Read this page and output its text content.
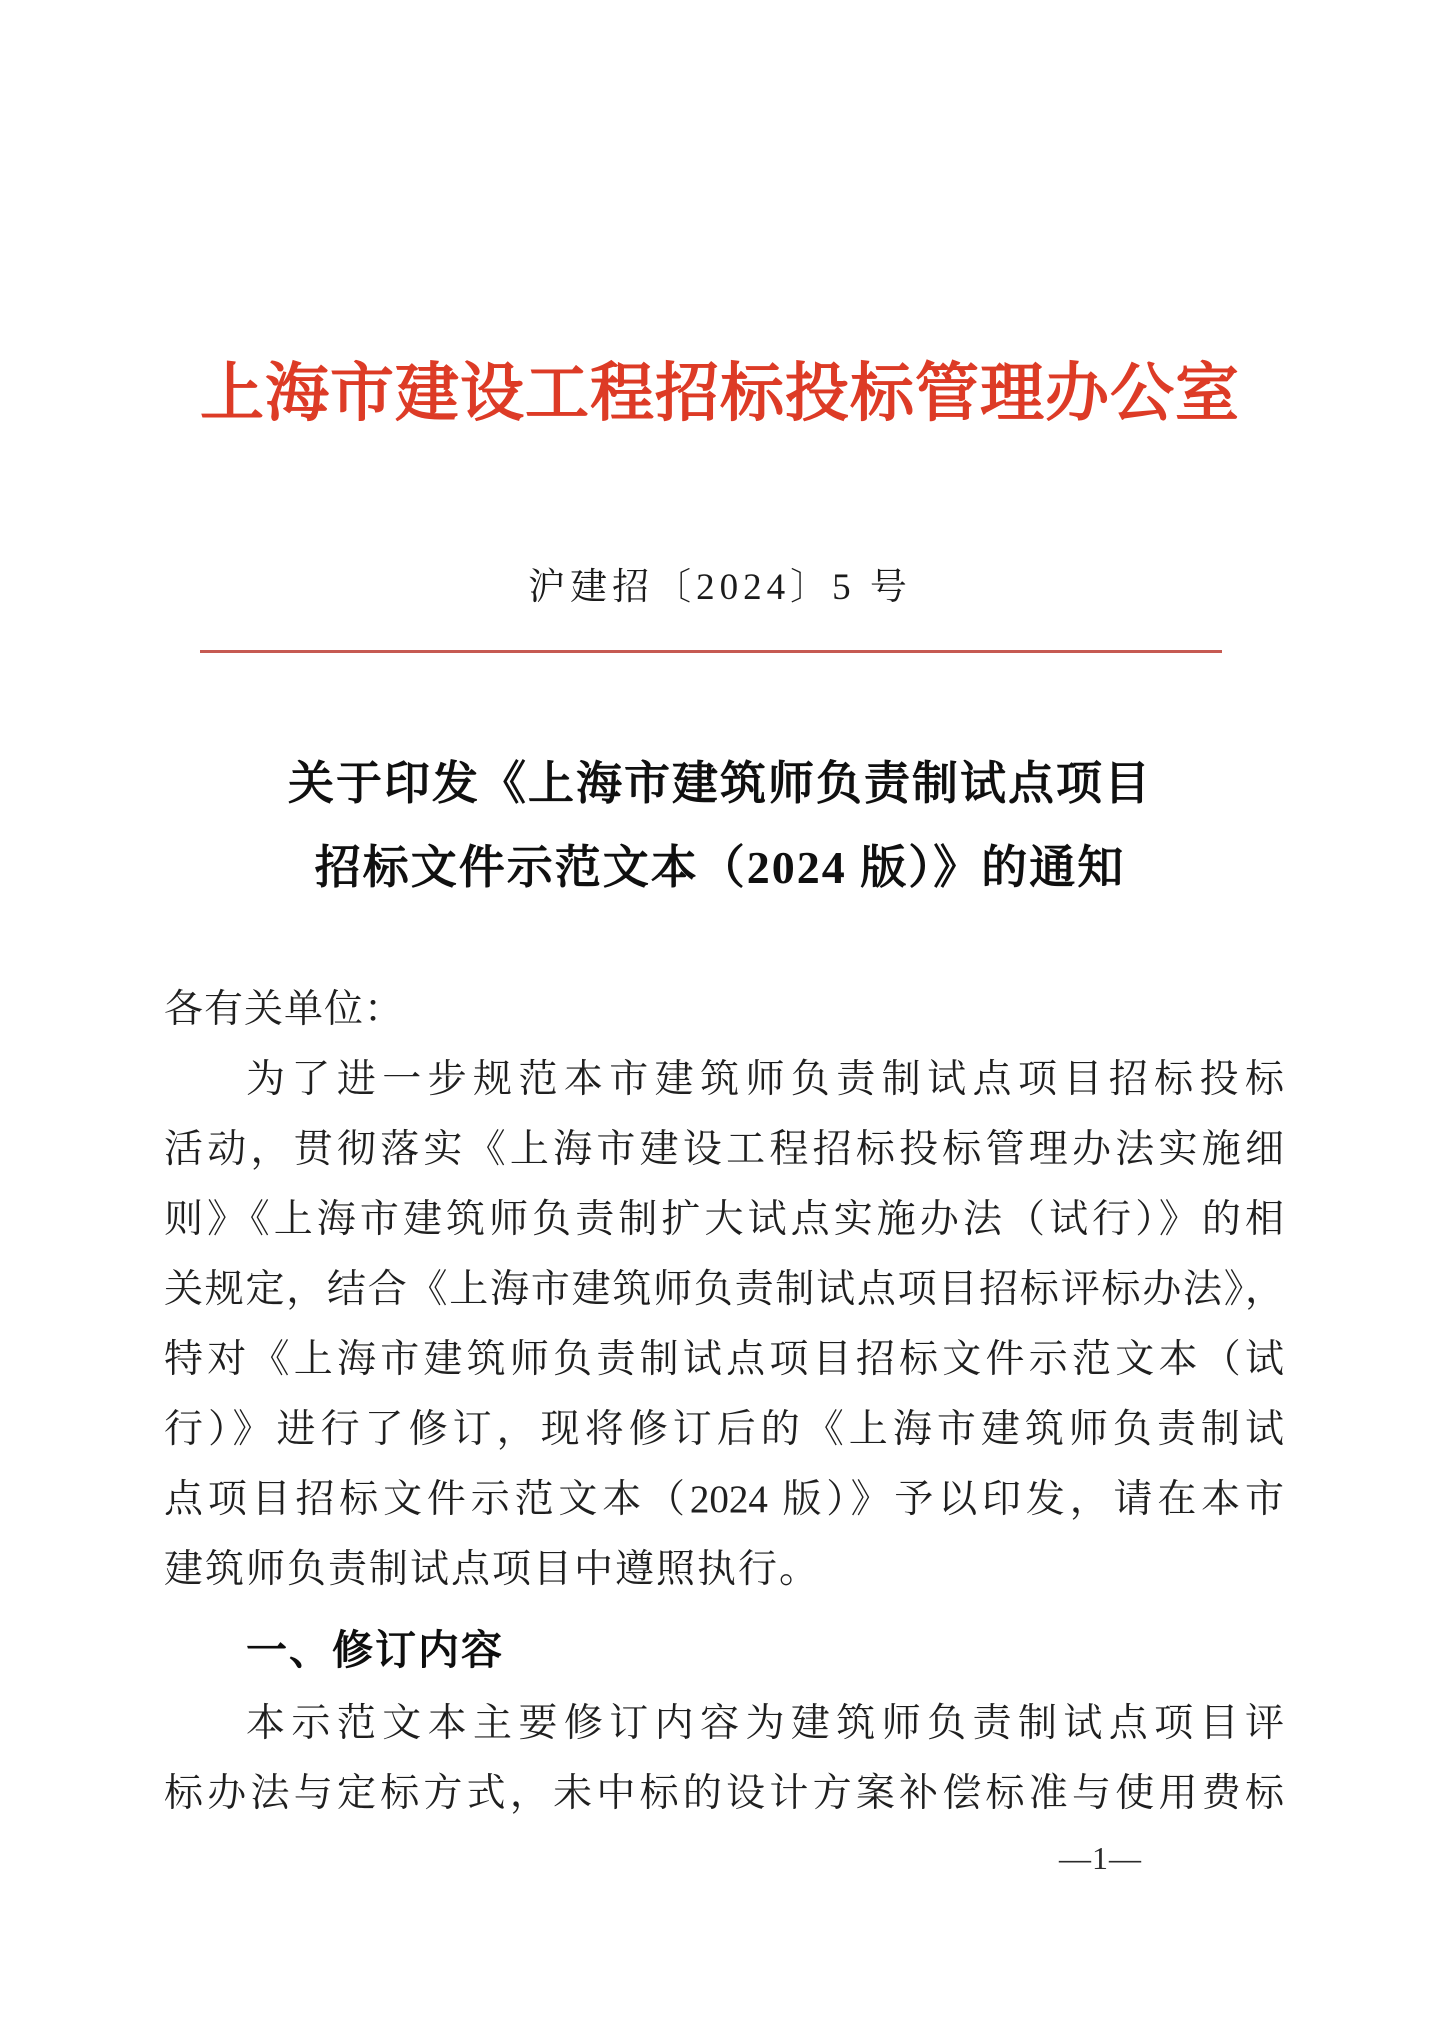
上海市建设工程招标投标管理办公室
沪建招〔2024〕5 号
关于印发《上海市建筑师负责制试点项目
招标文件示范文本（2024 版）》的通知
各有关单位：
为了进一步规范本市建筑师负责制试点项目招标投标
活动，贯彻落实《上海市建设工程招标投标管理办法实施细
则》《上海市建筑师负责制扩大试点实施办法（试行）》的相
关规定，结合《上海市建筑师负责制试点项目招标评标办法》，
特对《上海市建筑师负责制试点项目招标文件示范文本（试
行）》进行了修订，现将修订后的《上海市建筑师负责制试
点项目招标文件示范文本（2024 版）》予以印发，请在本市
建筑师负责制试点项目中遵照执行。
一、修订内容
本示范文本主要修订内容为建筑师负责制试点项目评
标办法与定标方式，未中标的设计方案补偿标准与使用费标
—1—
